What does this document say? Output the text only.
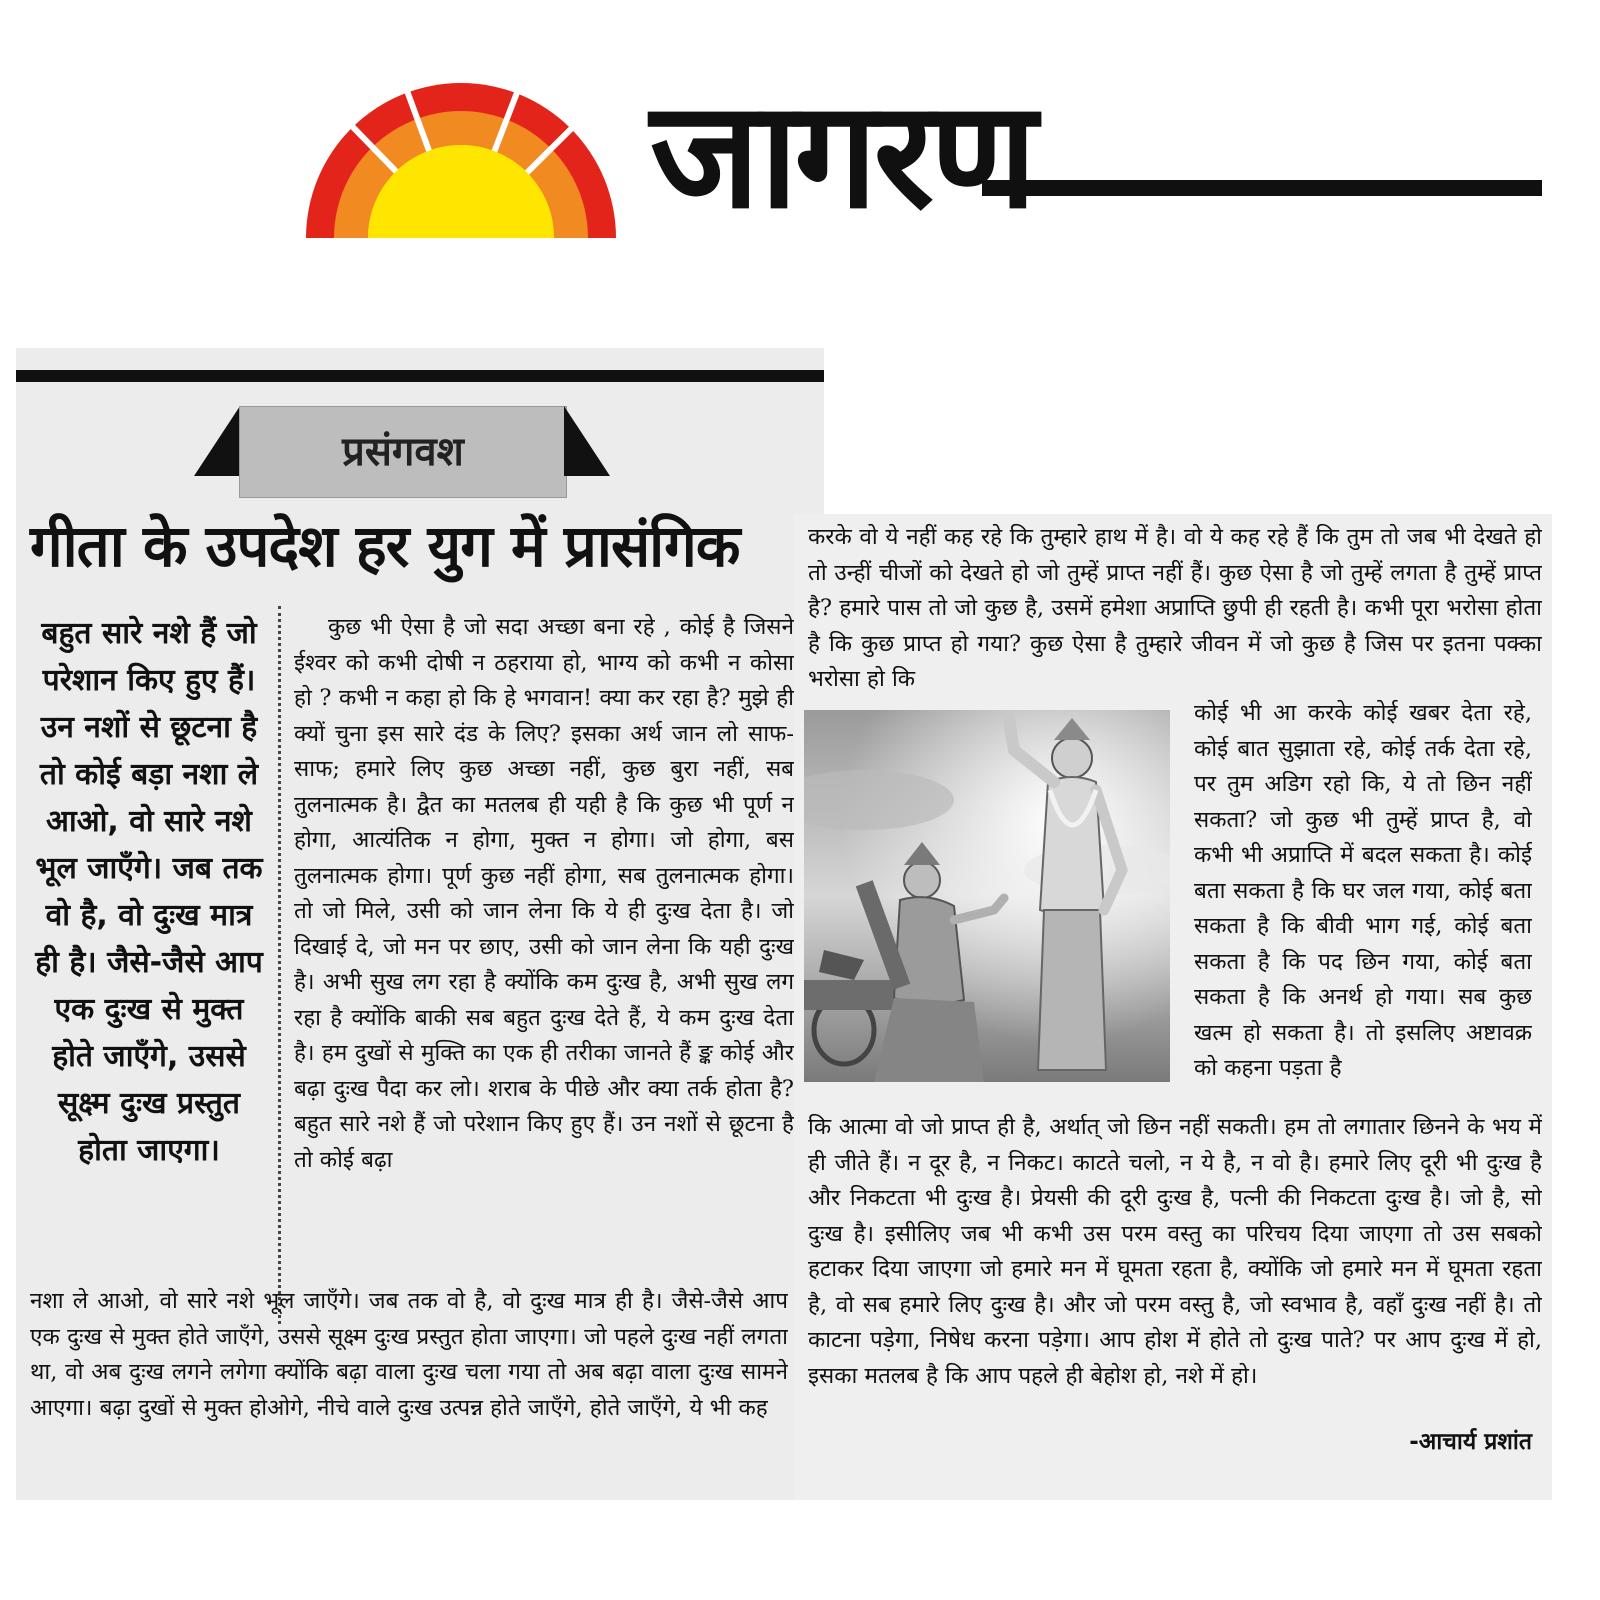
जागरण
प्रसंगवश
गीता के उपदेश हर युग में प्रासंगिक
बहुत सारे नशे हैं जो परेशान किए हुए हैं। उन नशों से छूटना है तो कोई बड़ा नशा ले आओ, वो सारे नशे भूल जाएँगे। जब तक वो है, वो दुःख मात्र ही है। जैसे-जैसे आप एक दुःख से मुक्त होते जाएँगे, उससे सूक्ष्म दुःख प्रस्तुत होता जाएगा।
कुछ भी ऐसा है जो सदा अच्छा बना रहे , कोई है जिसने ईश्वर को कभी दोषी न ठहराया हो, भाग्य को कभी न कोसा हो ? कभी न कहा हो कि हे भगवान! क्या कर रहा है? मुझे ही क्यों चुना इस सारे दंड के लिए? इसका अर्थ जान लो साफ-साफ; हमारे लिए कुछ अच्छा नहीं, कुछ बुरा नहीं, सब तुलनात्मक है। द्वैत का मतलब ही यही है कि कुछ भी पूर्ण न होगा, आत्यंतिक न होगा, मुक्त न होगा। जो होगा, बस तुलनात्मक होगा। पूर्ण कुछ नहीं होगा, सब तुलनात्मक होगा। तो जो मिले, उसी को जान लेना कि ये ही दुःख देता है। जो दिखाई दे, जो मन पर छाए, उसी को जान लेना कि यही दुःख है। अभी सुख लग रहा है क्योंकि कम दुःख है, अभी सुख लग रहा है क्योंकि बाकी सब बहुत दुःख देते हैं, ये कम दुःख देता है। हम दुखों से मुक्ति का एक ही तरीका जानते हैं ङ्क कोई और बढ़ा दुःख पैदा कर लो। शराब के पीछे और क्या तर्क होता है? बहुत सारे नशे हैं जो परेशान किए हुए हैं। उन नशों से छूटना है तो कोई बढ़ा
नशा ले आओ, वो सारे नशे भूल जाएँगे। जब तक वो है, वो दुःख मात्र ही है। जैसे-जैसे आप एक दुःख से मुक्त होते जाएँगे, उससे सूक्ष्म दुःख प्रस्तुत होता जाएगा। जो पहले दुःख नहीं लगता था, वो अब दुःख लगने लगेगा क्योंकि बढ़ा वाला दुःख चला गया तो अब बढ़ा वाला दुःख सामने आएगा। बढ़ा दुखों से मुक्त होओगे, नीचे वाले दुःख उत्पन्न होते जाएँगे, होते जाएँगे, ये भी कह
करके वो ये नहीं कह रहे कि तुम्हारे हाथ में है। वो ये कह रहे हैं कि तुम तो जब भी देखते हो तो उन्हीं चीजों को देखते हो जो तुम्हें प्राप्त नहीं हैं। कुछ ऐसा है जो तुम्हें लगता है तुम्हें प्राप्त है? हमारे पास तो जो कुछ है, उसमें हमेशा अप्राप्ति छुपी ही रहती है। कभी पूरा भरोसा होता है कि कुछ प्राप्त हो गया? कुछ ऐसा है तुम्हारे जीवन में जो कुछ है जिस पर इतना पक्का भरोसा हो कि
कोई भी आ करके कोई खबर देता रहे, कोई बात सुझाता रहे, कोई तर्क देता रहे, पर तुम अडिग रहो कि, ये तो छिन नहीं सकता? जो कुछ भी तुम्हें प्राप्त है, वो कभी भी अप्राप्ति में बदल सकता है। कोई बता सकता है कि घर जल गया, कोई बता सकता है कि बीवी भाग गई, कोई बता सकता है कि पद छिन गया, कोई बता सकता है कि अनर्थ हो गया। सब कुछ खत्म हो सकता है। तो इसलिए अष्टावक्र को कहना पड़ता है
कि आत्मा वो जो प्राप्त ही है, अर्थात् जो छिन नहीं सकती। हम तो लगातार छिनने के भय में ही जीते हैं। न दूर है, न निकट। काटते चलो, न ये है, न वो है। हमारे लिए दूरी भी दुःख है और निकटता भी दुःख है। प्रेयसी की दूरी दुःख है, पत्नी की निकटता दुःख है। जो है, सो दुःख है। इसीलिए जब भी कभी उस परम वस्तु का परिचय दिया जाएगा तो उस सबको हटाकर दिया जाएगा जो हमारे मन में घूमता रहता है, क्योंकि जो हमारे मन में घूमता रहता है, वो सब हमारे लिए दुःख है। और जो परम वस्तु है, जो स्वभाव है, वहाँ दुःख नहीं है। तो काटना पड़ेगा, निषेध करना पड़ेगा। आप होश में होते तो दुःख पाते? पर आप दुःख में हो, इसका मतलब है कि आप पहले ही बेहोश हो, नशे में हो।
-आचार्य प्रशांत
